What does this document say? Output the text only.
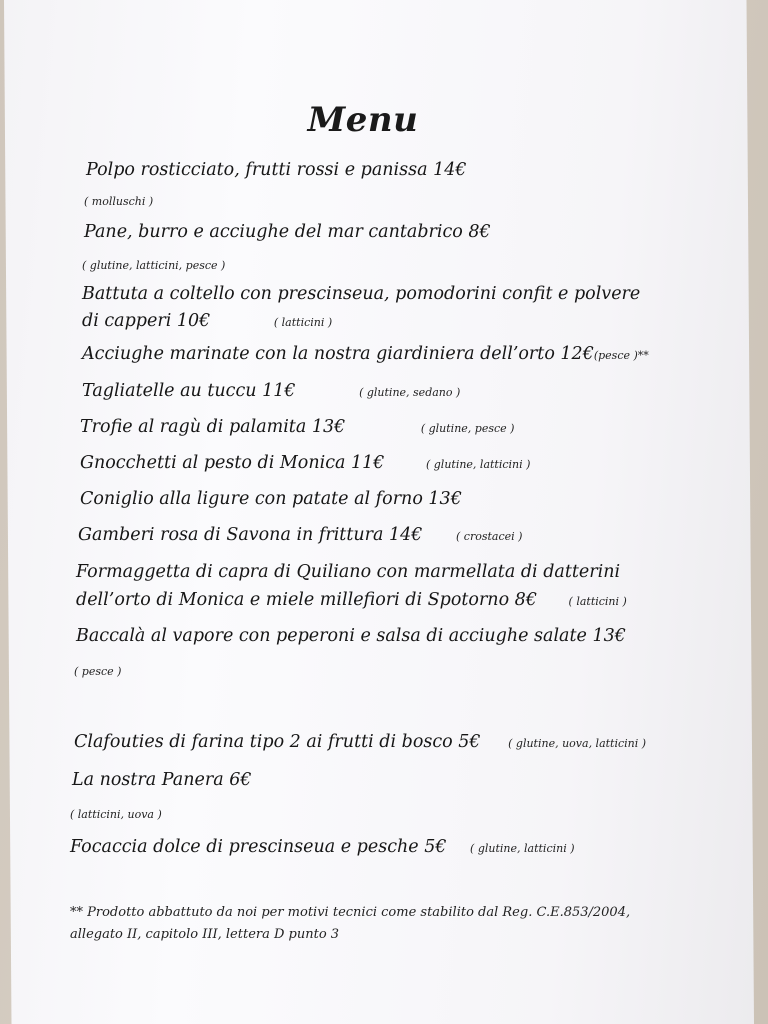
Menu
Polpo rosticciato, frutti rossi e panissa 14€
( molluschi )
Pane, burro e acciughe del mar cantabrico 8€
( glutine, latticini, pesce )
Battuta a coltello con prescinseua, pomodorini confit e polvere
di capperi 10€	( latticini )
Acciughe marinate con la nostra giardiniera dell’orto 12€(pesce )**
Tagliatelle au tuccu 11€	( glutine, sedano )
Trofie al ragù di palamita 13€	( glutine, pesce )
Gnocchetti al pesto di Monica 11€	( glutine, latticini )
Coniglio alla ligure con patate al forno 13€
Gamberi rosa di Savona in frittura 14€	( crostacei )
Formaggetta di capra di Quiliano con marmellata di datterini
dell’orto di Monica e miele millefiori di Spotorno 8€	( latticini )
Baccalà al vapore con peperoni e salsa di acciughe salate 13€
( pesce )
Clafouties di farina tipo 2 ai frutti di bosco 5€	( glutine, uova, latticini )
La nostra Panera 6€
( latticini, uova )
Focaccia dolce di prescinseua e pesche 5€ ( glutine, latticini )
** Prodotto abbattuto da noi per motivi tecnici come stabilito dal Reg. C.E.853/2004,
allegato II, capitolo III, lettera D punto 3
